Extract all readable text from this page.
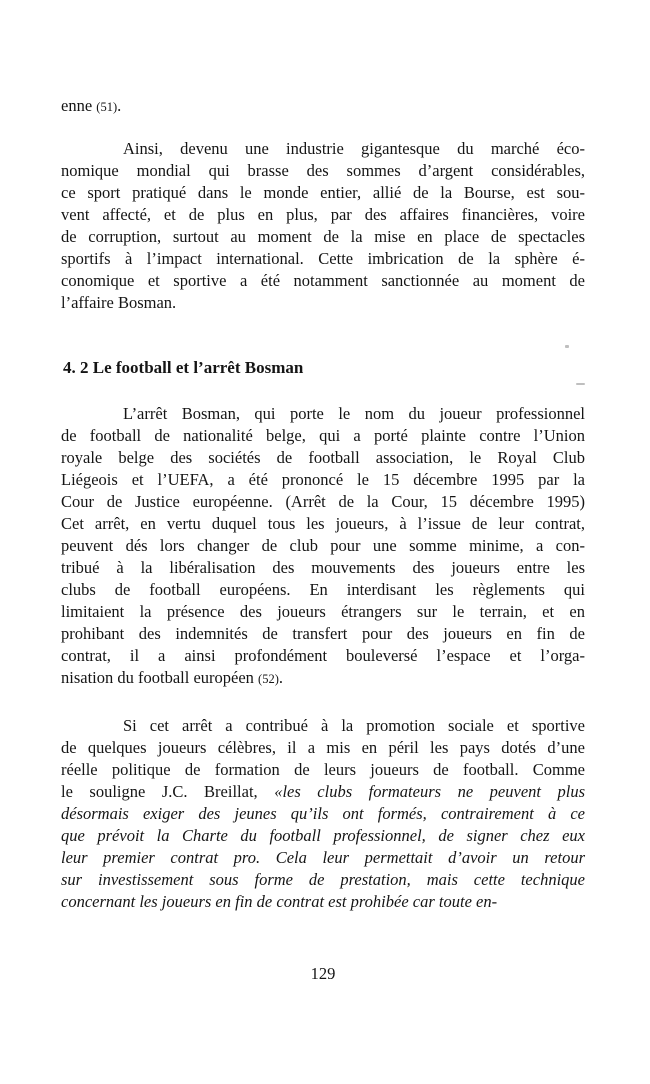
enne (51).
Ainsi, devenu une industrie gigantesque du marché éco-
nomique mondial qui brasse des sommes d’argent considérables,
ce sport pratiqué dans le monde entier, allié de la Bourse, est sou-
vent affecté, et de plus en plus, par des affaires financières, voire
de corruption, surtout au moment de la mise en place de spectacles
sportifs à l’impact international. Cette imbrication de la sphère é-
conomique et sportive a été notamment sanctionnée au moment de
l’affaire Bosman.
4. 2 Le football et l’arrêt Bosman
L’arrêt Bosman, qui porte le nom du joueur professionnel
de football de nationalité belge, qui a porté plainte contre l’Union
royale belge des sociétés de football association, le Royal Club
Liégeois et l’UEFA, a été prononcé le 15 décembre 1995 par la
Cour de Justice européenne. (Arrêt de la Cour, 15 décembre 1995)
Cet arrêt, en vertu duquel tous les joueurs, à l’issue de leur contrat,
peuvent dés lors changer de club pour une somme minime, a con-
tribué à la libéralisation des mouvements des joueurs entre les
clubs de football européens. En interdisant les règlements qui
limitaient la présence des joueurs étrangers sur le terrain, et en
prohibant des indemnités de transfert pour des joueurs en fin de
contrat, il a ainsi profondément bouleversé l’espace et l’orga-
nisation du football européen (52).
Si cet arrêt a contribué à la promotion sociale et sportive
de quelques joueurs célèbres, il a mis en péril les pays dotés d’une
réelle politique de formation de leurs joueurs de football. Comme
le souligne J.C. Breillat, «les clubs formateurs ne peuvent plus
désormais exiger des jeunes qu’ils ont formés, contrairement à ce
que prévoit la Charte du football professionnel, de signer chez eux
leur premier contrat pro. Cela leur permettait d’avoir un retour
sur investissement sous forme de prestation, mais cette technique
concernant les joueurs en fin de contrat est prohibée car toute en-
129
